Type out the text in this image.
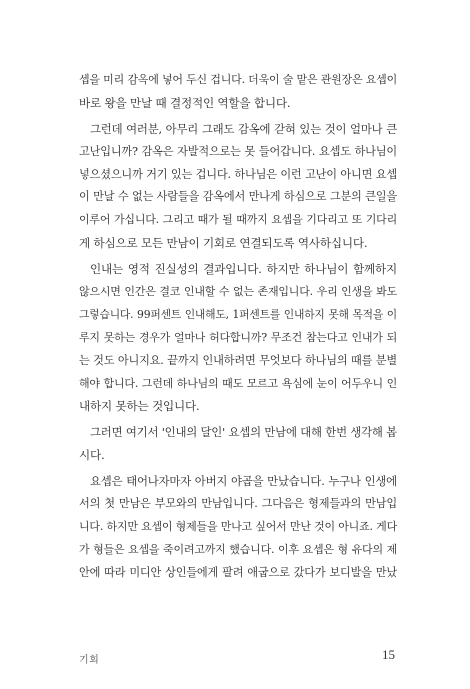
셉을 미리 감옥에 넣어 두신 겁니다. 더욱이 술 맡은 관원장은 요셉이
바로 왕을 만날 때 결정적인 역할을 합니다.
그런데 여러분, 아무리 그래도 감옥에 갇혀 있는 것이 얼마나 큰
고난입니까? 감옥은 자발적으로는 못 들어갑니다. 요셉도 하나님이
넣으셨으니까 거기 있는 겁니다. 하나님은 이런 고난이 아니면 요셉
이 만날 수 없는 사람들을 감옥에서 만나게 하심으로 그분의 큰일을
이루어 가십니다. 그리고 때가 될 때까지 요셉을 기다리고 또 기다리
게 하심으로 모든 만남이 기회로 연결되도록 역사하십니다.
인내는 영적 진실성의 결과입니다. 하지만 하나님이 함께하지
않으시면 인간은 결코 인내할 수 없는 존재입니다. 우리 인생을 봐도
그렇습니다. 99퍼센트 인내해도, 1퍼센트를 인내하지 못해 목적을 이
루지 못하는 경우가 얼마나 허다합니까? 무조건 참는다고 인내가 되
는 것도 아니지요. 끝까지 인내하려면 무엇보다 하나님의 때를 분별
해야 합니다. 그런데 하나님의 때도 모르고 욕심에 눈이 어두우니 인
내하지 못하는 것입니다.
그러면 여기서 '인내의 달인' 요셉의 만남에 대해 한번 생각해 봅
시다.
요셉은 태어나자마자 아버지 야곱을 만났습니다. 누구나 인생에
서의 첫 만남은 부모와의 만남입니다. 그다음은 형제들과의 만남입
니다. 하지만 요셉이 형제들을 만나고 싶어서 만난 것이 아니죠. 게다
가 형들은 요셉을 죽이려고까지 했습니다. 이후 요셉은 형 유다의 제
안에 따라 미디안 상인들에게 팔려 애굽으로 갔다가 보디발을 만났
기회	15
